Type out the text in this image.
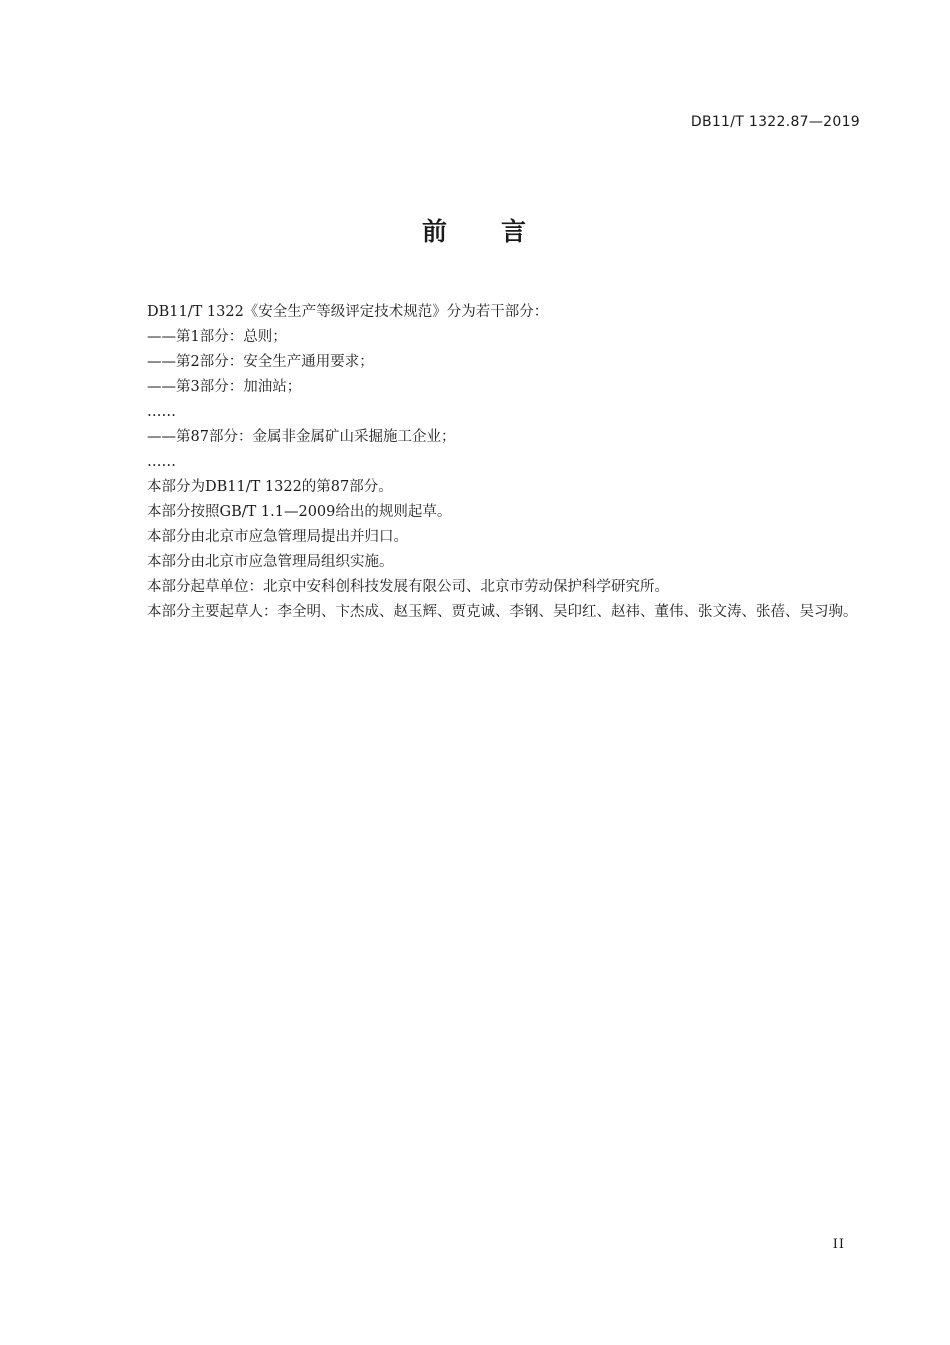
DB11/T 1322.87—2019
前 言

DB11/T 1322《安全生产等级评定技术规范》分为若干部分：

——第1部分：总则；

——第2部分：安全生产通用要求；

——第3部分：加油站；

……

——第87部分：金属非金属矿山采掘施工企业；

……

本部分为DB11/T 1322的第87部分。

本部分按照GB/T 1.1—2009给出的规则起草。

本部分由北京市应急管理局提出并归口。

本部分由北京市应急管理局组织实施。

本部分起草单位：北京中安科创科技发展有限公司、北京市劳动保护科学研究所。

本部分主要起草人：李全明、卞杰成、赵玉辉、贾克诚、李钢、吴印红、赵祎、董伟、张文涛、张蓓、吴习驹。

II
